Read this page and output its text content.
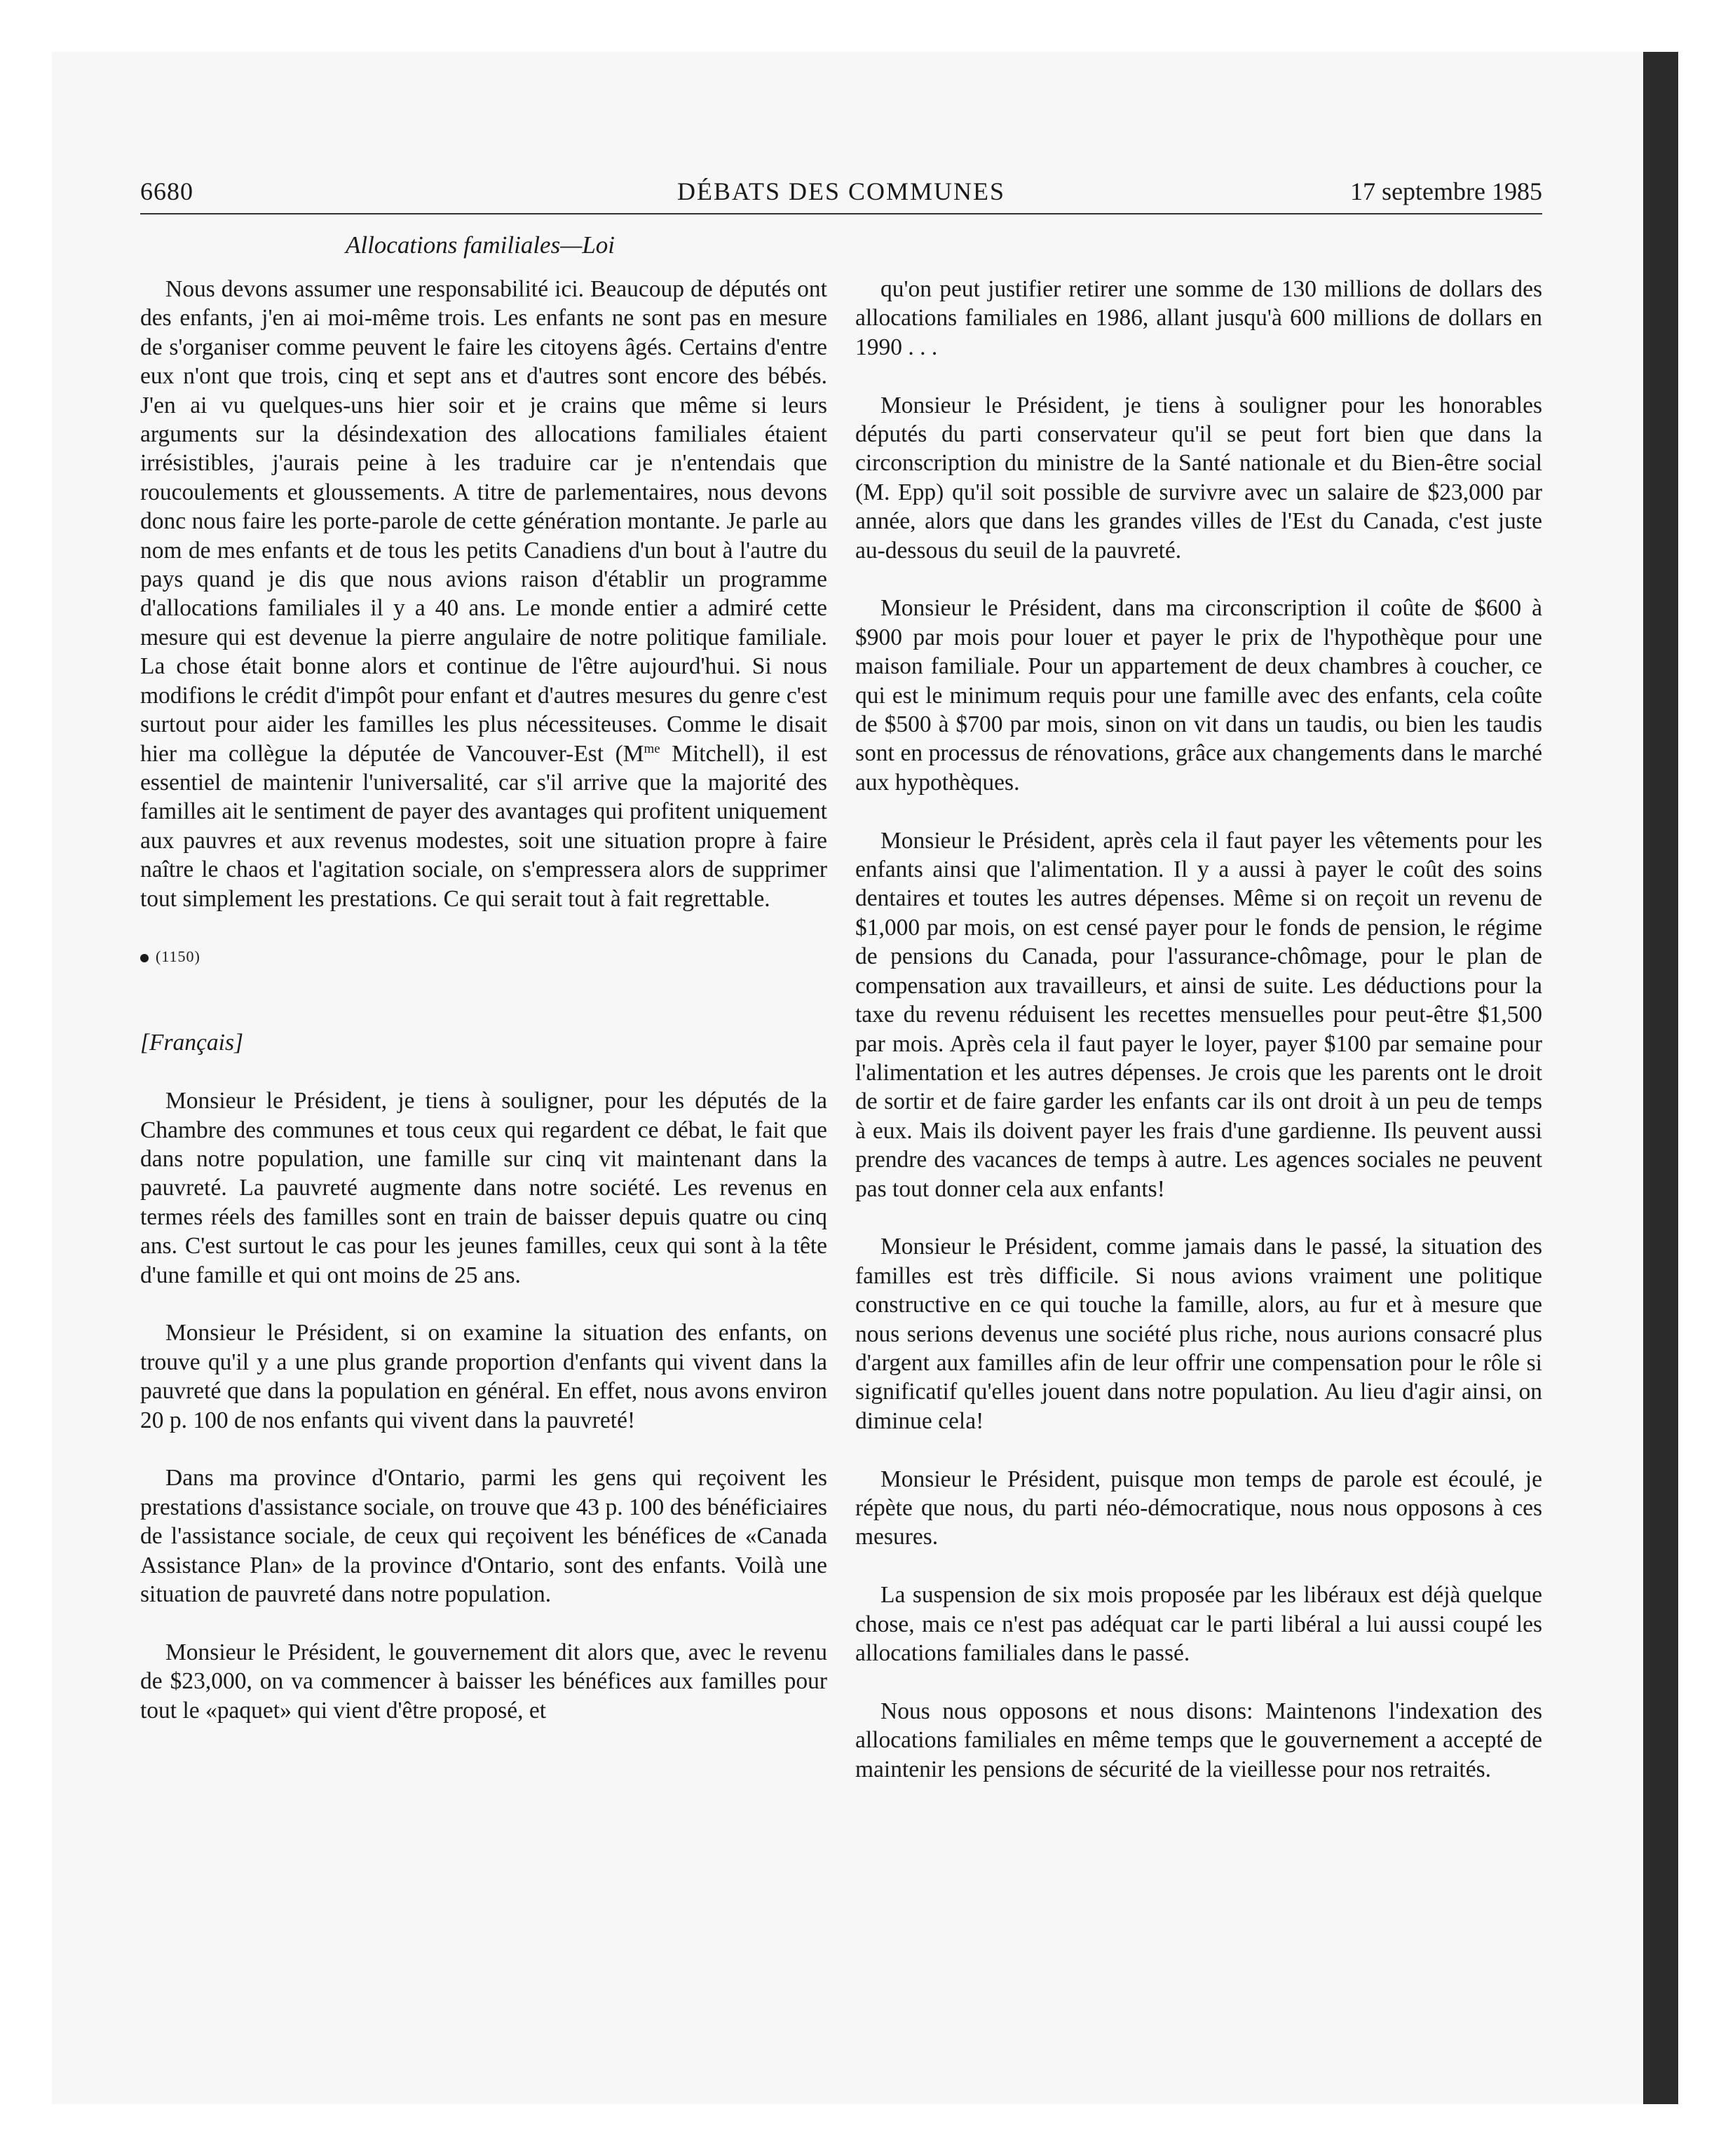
6680	DÉBATS DES COMMUNES	17 septembre 1985
Allocations familiales—Loi

Nous devons assumer une responsabilité ici. Beaucoup de députés ont des enfants, j'en ai moi-même trois. Les enfants ne sont pas en mesure de s'organiser comme peuvent le faire les citoyens âgés. Certains d'entre eux n'ont que trois, cinq et sept ans et d'autres sont encore des bébés. J'en ai vu quelques-uns hier soir et je crains que même si leurs arguments sur la désindexation des allocations familiales étaient irrésistibles, j'aurais peine à les traduire car je n'entendais que roucoulements et gloussements. A titre de parlementaires, nous devons donc nous faire les porte-parole de cette génération montante. Je parle au nom de mes enfants et de tous les petits Canadiens d'un bout à l'autre du pays quand je dis que nous avions raison d'établir un programme d'allocations familiales il y a 40 ans. Le monde entier a admiré cette mesure qui est devenue la pierre angulaire de notre politique familiale. La chose était bonne alors et continue de l'être aujourd'hui. Si nous modifions le crédit d'impôt pour enfant et d'autres mesures du genre c'est surtout pour aider les familles les plus nécessiteuses. Comme le disait hier ma collègue la députée de Vancouver-Est ($M^{me}$ Mitchell), il est essentiel de maintenir l'universalité, car s'il arrive que la majorité des familles ait le sentiment de payer des avantages qui profitent uniquement aux pauvres et aux revenus modestes, soit une situation propre à faire naître le chaos et l'agitation sociale, on s'empressera alors de supprimer tout simplement les prestations. Ce qui serait tout à fait regrettable.

(1150)
[Français]

Monsieur le Président, je tiens à souligner, pour les députés de la Chambre des communes et tous ceux qui regardent ce débat, le fait que dans notre population, une famille sur cinq vit maintenant dans la pauvreté. La pauvreté augmente dans notre société. Les revenus en termes réels des familles sont en train de baisser depuis quatre ou cinq ans. C'est surtout le cas pour les jeunes familles, ceux qui sont à la tête d'une famille et qui ont moins de 25 ans.

Monsieur le Président, si on examine la situation des enfants, on trouve qu'il y a une plus grande proportion d'enfants qui vivent dans la pauvreté que dans la population en général. En effet, nous avons environ 20 p. 100 de nos enfants qui vivent dans la pauvreté!

Dans ma province d'Ontario, parmi les gens qui reçoivent les prestations d'assistance sociale, on trouve que 43 p. 100 des bénéficiaires de l'assistance sociale, de ceux qui reçoivent les bénéfices de «Canada Assistance Plan» de la province d'Ontario, sont des enfants. Voilà une situation de pauvreté dans notre population.

Monsieur le Président, le gouvernement dit alors que, avec le revenu de $23,000, on va commencer à baisser les bénéfices aux familles pour tout le «paquet» qui vient d'être proposé, et

qu'on peut justifier retirer une somme de 130 millions de dollars des allocations familiales en 1986, allant jusqu'à 600 millions de dollars en 1990 . . .

Monsieur le Président, je tiens à souligner pour les honorables députés du parti conservateur qu'il se peut fort bien que dans la circonscription du ministre de la Santé nationale et du Bien-être social (M. Epp) qu'il soit possible de survivre avec un salaire de $23,000 par année, alors que dans les grandes villes de l'Est du Canada, c'est juste au-dessous du seuil de la pauvreté.

Monsieur le Président, dans ma circonscription il coûte de $600 à $900 par mois pour louer et payer le prix de l'hypothèque pour une maison familiale. Pour un appartement de deux chambres à coucher, ce qui est le minimum requis pour une famille avec des enfants, cela coûte de $500 à $700 par mois, sinon on vit dans un taudis, ou bien les taudis sont en processus de rénovations, grâce aux changements dans le marché aux hypothèques.

Monsieur le Président, après cela il faut payer les vêtements pour les enfants ainsi que l'alimentation. Il y a aussi à payer le coût des soins dentaires et toutes les autres dépenses. Même si on reçoit un revenu de $1,000 par mois, on est censé payer pour le fonds de pension, le régime de pensions du Canada, pour l'assurance-chômage, pour le plan de compensation aux travailleurs, et ainsi de suite. Les déductions pour la taxe du revenu réduisent les recettes mensuelles pour peut-être $1,500 par mois. Après cela il faut payer le loyer, payer $100 par semaine pour l'alimentation et les autres dépenses. Je crois que les parents ont le droit de sortir et de faire garder les enfants car ils ont droit à un peu de temps à eux. Mais ils doivent payer les frais d'une gardienne. Ils peuvent aussi prendre des vacances de temps à autre. Les agences sociales ne peuvent pas tout donner cela aux enfants!

Monsieur le Président, comme jamais dans le passé, la situation des familles est très difficile. Si nous avions vraiment une politique constructive en ce qui touche la famille, alors, au fur et à mesure que nous serions devenus une société plus riche, nous aurions consacré plus d'argent aux familles afin de leur offrir une compensation pour le rôle si significatif qu'elles jouent dans notre population. Au lieu d'agir ainsi, on diminue cela!

Monsieur le Président, puisque mon temps de parole est écoulé, je répète que nous, du parti néo-démocratique, nous nous opposons à ces mesures.

La suspension de six mois proposée par les libéraux est déjà quelque chose, mais ce n'est pas adéquat car le parti libéral a lui aussi coupé les allocations familiales dans le passé.

Nous nous opposons et nous disons: Maintenons l'indexation des allocations familiales en même temps que le gouvernement a accepté de maintenir les pensions de sécurité de la vieillesse pour nos retraités.
